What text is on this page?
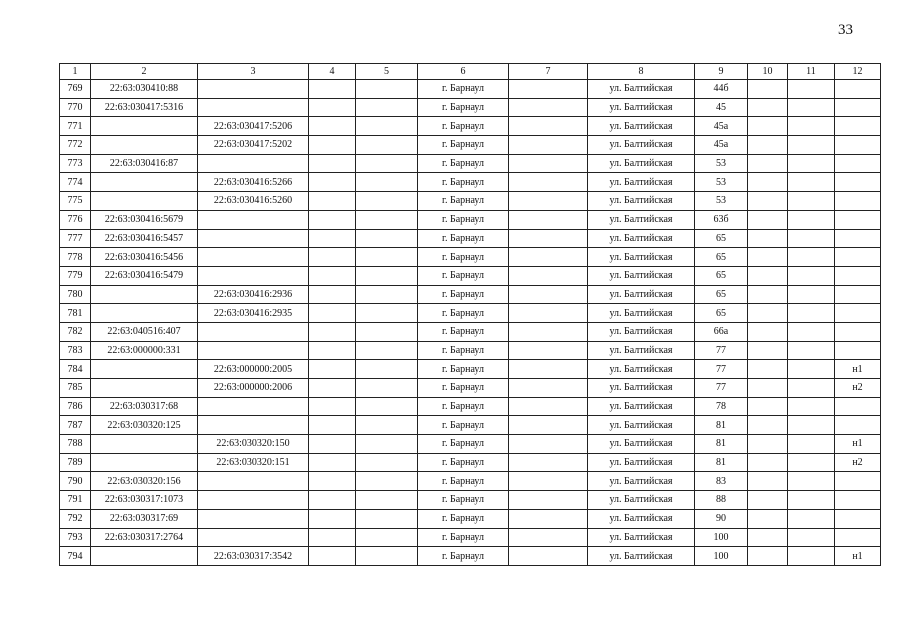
33
1	2	3	4	5	6	7	8	9	10	11	12
769	22:63:030410:88				г. Барнаул		ул. Балтийская	44б			
770	22:63:030417:5316				г. Барнаул		ул. Балтийская	45			
771		22:63:030417:5206			г. Барнаул		ул. Балтийская	45а			
772		22:63:030417:5202			г. Барнаул		ул. Балтийская	45а			
773	22:63:030416:87				г. Барнаул		ул. Балтийская	53			
774		22:63:030416:5266			г. Барнаул		ул. Балтийская	53			
775		22:63:030416:5260			г. Барнаул		ул. Балтийская	53			
776	22:63:030416:5679				г. Барнаул		ул. Балтийская	63б			
777	22:63:030416:5457				г. Барнаул		ул. Балтийская	65			
778	22:63:030416:5456				г. Барнаул		ул. Балтийская	65			
779	22:63:030416:5479				г. Барнаул		ул. Балтийская	65			
780		22:63:030416:2936			г. Барнаул		ул. Балтийская	65			
781		22:63:030416:2935			г. Барнаул		ул. Балтийская	65			
782	22:63:040516:407				г. Барнаул		ул. Балтийская	66а			
783	22:63:000000:331				г. Барнаул		ул. Балтийская	77			
784		22:63:000000:2005			г. Барнаул		ул. Балтийская	77			н1
785		22:63:000000:2006			г. Барнаул		ул. Балтийская	77			н2
786	22:63:030317:68				г. Барнаул		ул. Балтийская	78			
787	22:63:030320:125				г. Барнаул		ул. Балтийская	81			
788		22:63:030320:150			г. Барнаул		ул. Балтийская	81			н1
789		22:63:030320:151			г. Барнаул		ул. Балтийская	81			н2
790	22:63:030320:156				г. Барнаул		ул. Балтийская	83			
791	22:63:030317:1073				г. Барнаул		ул. Балтийская	88			
792	22:63:030317:69				г. Барнаул		ул. Балтийская	90			
793	22:63:030317:2764				г. Барнаул		ул. Балтийская	100			
794		22:63:030317:3542			г. Барнаул		ул. Балтийская	100			н1
